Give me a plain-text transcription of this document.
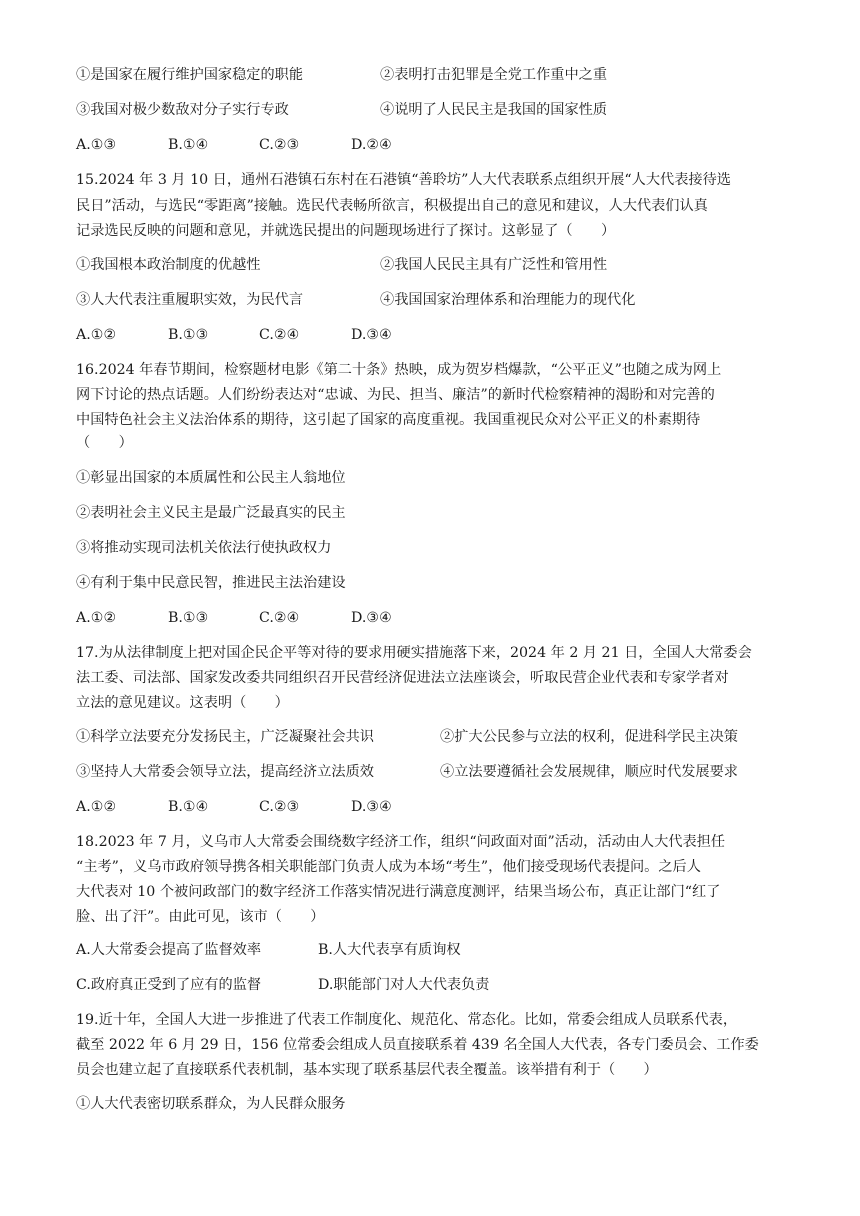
①是国家在履行维护国家稳定的职能	②表明打击犯罪是全党工作重中之重
③我国对极少数敌对分子实行专政	④说明了人民民主是我国的国家性质
A.①③	B.①④	C.②③	D.②④
15.2024 年 3 月 10 日，通州石港镇石东村在石港镇“善聆坊”人大代表联系点组织开展“人大代表接待选
民日”活动，与选民“零距离”接触。选民代表畅所欲言，积极提出自己的意见和建议，人大代表们认真
记录选民反映的问题和意见，并就选民提出的问题现场进行了探讨。这彰显了（　　）
①我国根本政治制度的优越性	②我国人民民主具有广泛性和管用性
③人大代表注重履职实效，为民代言	④我国国家治理体系和治理能力的现代化
A.①②	B.①③	C.②④	D.③④
16.2024 年春节期间，检察题材电影《第二十条》热映，成为贺岁档爆款，“公平正义”也随之成为网上
网下讨论的热点话题。人们纷纷表达对“忠诚、为民、担当、廉洁”的新时代检察精神的渴盼和对完善的
中国特色社会主义法治体系的期待，这引起了国家的高度重视。我国重视民众对公平正义的朴素期待
（　　）
①彰显出国家的本质属性和公民主人翁地位
②表明社会主义民主是最广泛最真实的民主
③将推动实现司法机关依法行使执政权力
④有利于集中民意民智，推进民主法治建设
A.①②	B.①③	C.②④	D.③④
17.为从法律制度上把对国企民企平等对待的要求用硬实措施落下来，2024 年 2 月 21 日，全国人大常委会
法工委、司法部、国家发改委共同组织召开民营经济促进法立法座谈会，听取民营企业代表和专家学者对
立法的意见建议。这表明（　　）
①科学立法要充分发扬民主，广泛凝聚社会共识	②扩大公民参与立法的权利，促进科学民主决策
③坚持人大常委会领导立法，提高经济立法质效	④立法要遵循社会发展规律，顺应时代发展要求
A.①②	B.①④	C.②③	D.③④
18.2023 年 7 月，义乌市人大常委会围绕数字经济工作，组织“问政面对面”活动，活动由人大代表担任
“主考”，义乌市政府领导携各相关职能部门负责人成为本场“考生”，他们接受现场代表提问。之后人
大代表对 10 个被问政部门的数字经济工作落实情况进行满意度测评，结果当场公布，真正让部门“红了
脸、出了汗”。由此可见，该市（　　）
A.人大常委会提高了监督效率	B.人大代表享有质询权
C.政府真正受到了应有的监督	D.职能部门对人大代表负责
19.近十年，全国人大进一步推进了代表工作制度化、规范化、常态化。比如，常委会组成人员联系代表，
截至 2022 年 6 月 29 日，156 位常委会组成人员直接联系着 439 名全国人大代表，各专门委员会、工作委
员会也建立起了直接联系代表机制，基本实现了联系基层代表全覆盖。该举措有利于（　　）
①人大代表密切联系群众，为人民群众服务
